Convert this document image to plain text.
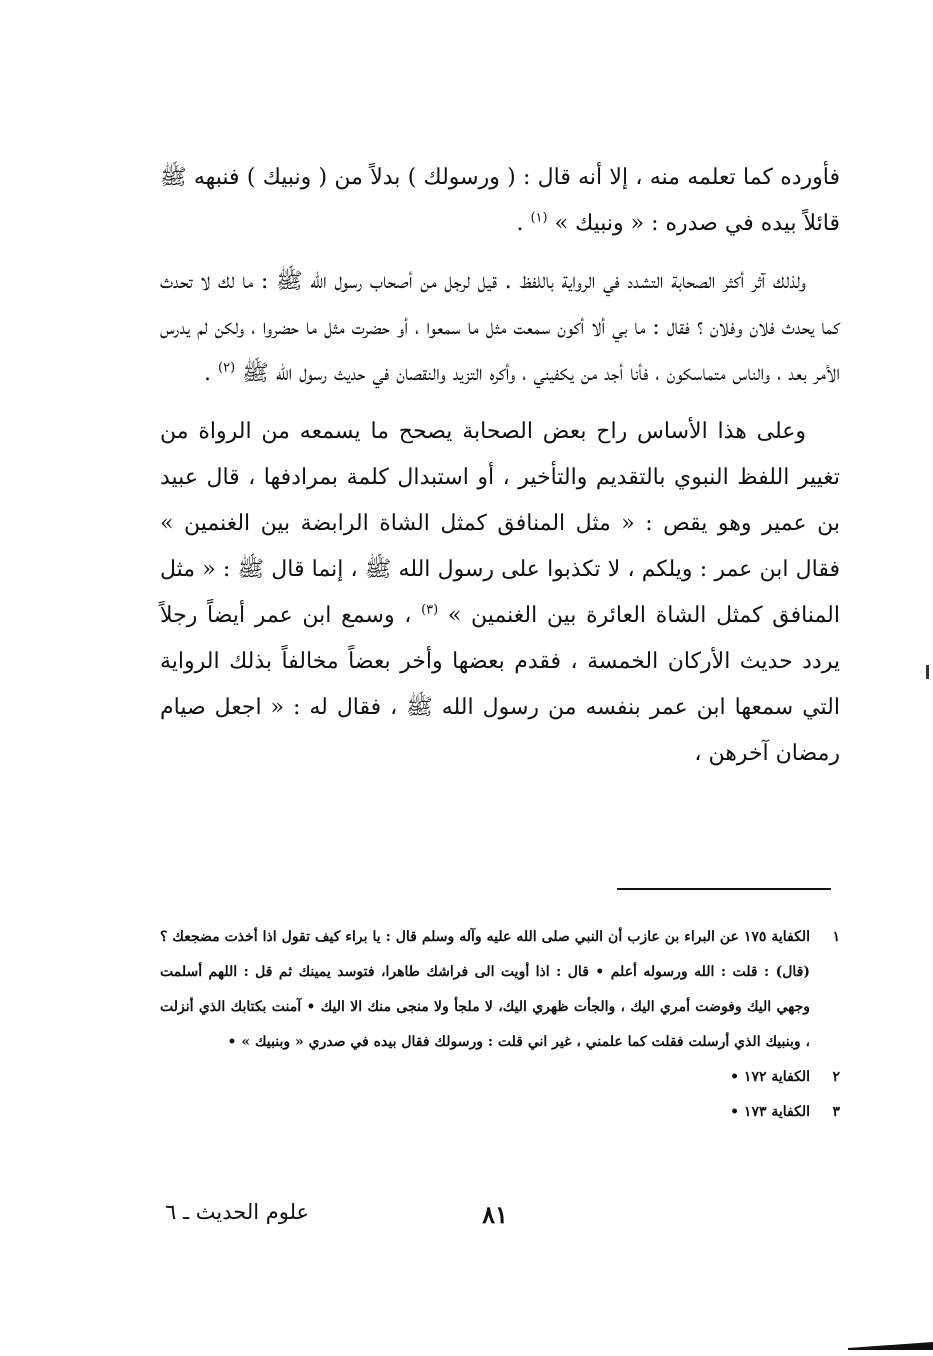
فأورده كما تعلمه منه ، إلا أنه قال : ( ورسولك ) بدلاً من ( ونبيك ) فنبهه ﷺ قائلاً بيده في صدره : « ونبيك » $^{(١)}$ .

ولذلك آثر أكثر الصحابة التشدد في الرواية باللفظ . قيل لرجل من أصحاب رسول الله ﷺ : ما لك لا تحدث كما يحدث فلان وفلان ؟ فقال : ما بي ألا أكون سمعت مثل ما سمعوا ، أو حضرت مثل ما حضروا ، ولكن لم يدرس الأمر بعد ، والناس متماسكون ، فأنا أجد من يكفيني ، وأكره التزيد والنقصان في حديث رسول الله ﷺ $^{(٢)}$ .

وعلى هذا الأساس راح بعض الصحابة يصحح ما يسمعه من الرواة من تغيير اللفظ النبوي بالتقديم والتأخير ، أو استبدال كلمة بمرادفها ، قال عبيد بن عمير وهو يقص : « مثل المنافق كمثل الشاة الرابضة بين الغنمين » فقال ابن عمر : ويلكم ، لا تكذبوا على رسول الله ﷺ ، إنما قال ﷺ : « مثل المنافق كمثل الشاة العائرة بين الغنمين » $^{(٣)}$ ، وسمع ابن عمر أيضاً رجلاً يردد حديث الأركان الخمسة ، فقدم بعضها وأخر بعضاً مخالفاً بذلك الرواية التي سمعها ابن عمر بنفسه من رسول الله ﷺ ، فقال له : « اجعل صيام رمضان آخرهن ،

١
الكفاية ١٧٥ عن البراء بن عازب أن النبي صلى الله عليه وآله وسلم قال : يا براء كيف تقول اذا أخذت مضجعك ؟ (قال) : قلت : الله ورسوله أعلم • قال : اذا أويت الى فراشك طاهرا، فتوسد يمينك ثم قل : اللهم أسلمت وجهي اليك وفوضت أمري اليك ، والجأت ظهري اليك، لا ملجأ ولا منجى منك الا اليك • آمنت بكتابك الذي أنزلت ، وبنبيك الذي أرسلت فقلت كما علمني ، غير اني قلت : ورسولك فقال بيده في صدري « وبنبيك » •
٢
الكفاية ١٧٢ •
٣
الكفاية ١٧٣ •
٨١
علوم الحديث ـ ٦
